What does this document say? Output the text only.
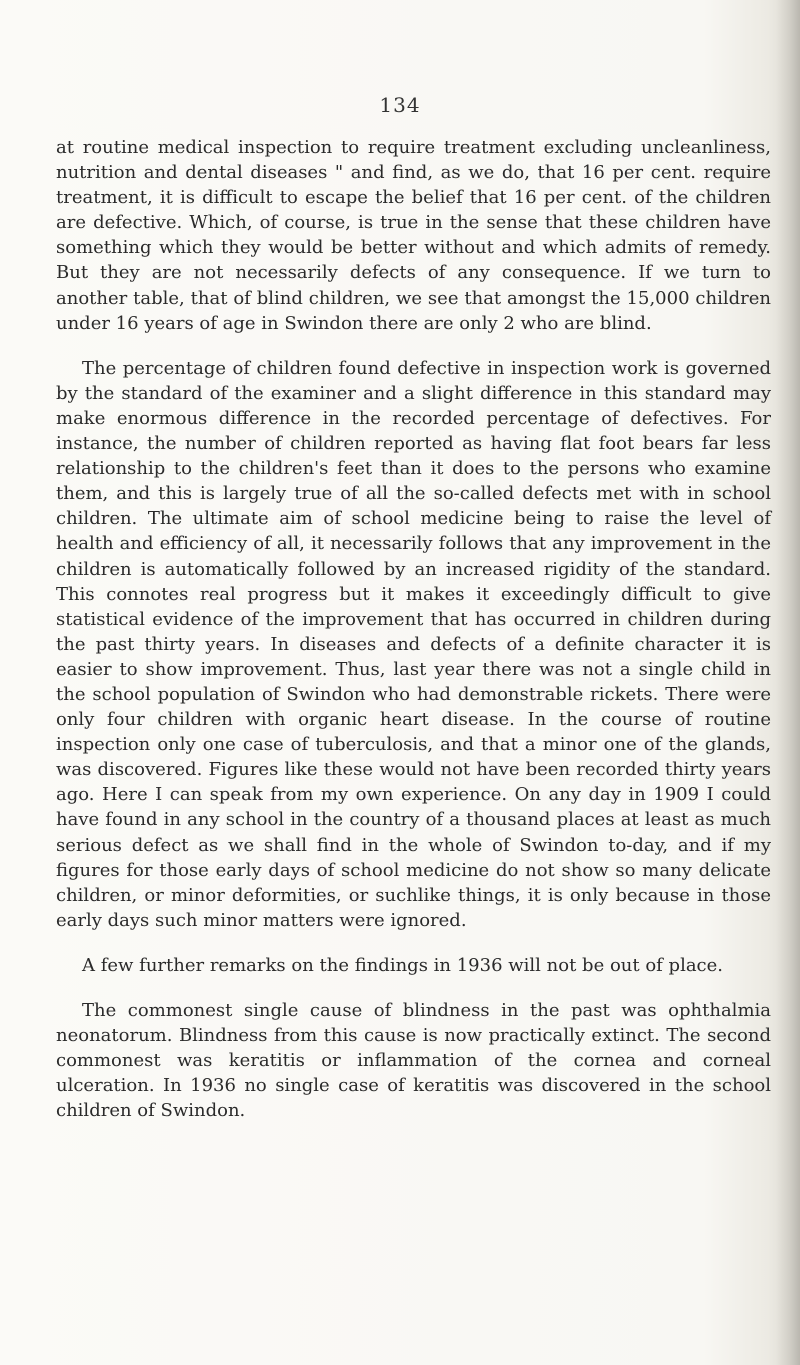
134

at routine medical inspection to require treatment excluding uncleanliness, nutrition and dental diseases " and find, as we do, that 16 per cent. require treatment, it is difficult to escape the belief that 16 per cent. of the children are defective. Which, of course, is true in the sense that these children have something which they would be better without and which admits of remedy. But they are not necessarily defects of any consequence. If we turn to another table, that of blind children, we see that amongst the 15,000 children under 16 years of age in Swindon there are only 2 who are blind.

The percentage of children found defective in inspection work is governed by the standard of the examiner and a slight difference in this standard may make enormous difference in the recorded percentage of defectives. For instance, the number of children reported as having flat foot bears far less relationship to the children's feet than it does to the persons who examine them, and this is largely true of all the so-called defects met with in school children. The ultimate aim of school medicine being to raise the level of health and efficiency of all, it necessarily follows that any improvement in the children is automatically followed by an increased rigidity of the standard. This connotes real progress but it makes it exceedingly difficult to give statistical evidence of the improvement that has occurred in children during the past thirty years. In diseases and defects of a definite character it is easier to show improvement. Thus, last year there was not a single child in the school population of Swindon who had demonstrable rickets. There were only four children with organic heart disease. In the course of routine inspection only one case of tuberculosis, and that a minor one of the glands, was discovered. Figures like these would not have been recorded thirty years ago. Here I can speak from my own experience. On any day in 1909 I could have found in any school in the country of a thousand places at least as much serious defect as we shall find in the whole of Swindon to-day, and if my figures for those early days of school medicine do not show so many delicate children, or minor deformities, or suchlike things, it is only because in those early days such minor matters were ignored.

A few further remarks on the findings in 1936 will not be out of place.

The commonest single cause of blindness in the past was ophthalmia neonatorum. Blindness from this cause is now practically extinct. The second commonest was keratitis or inflammation of the cornea and corneal ulceration. In 1936 no single case of keratitis was discovered in the school children of Swindon.
